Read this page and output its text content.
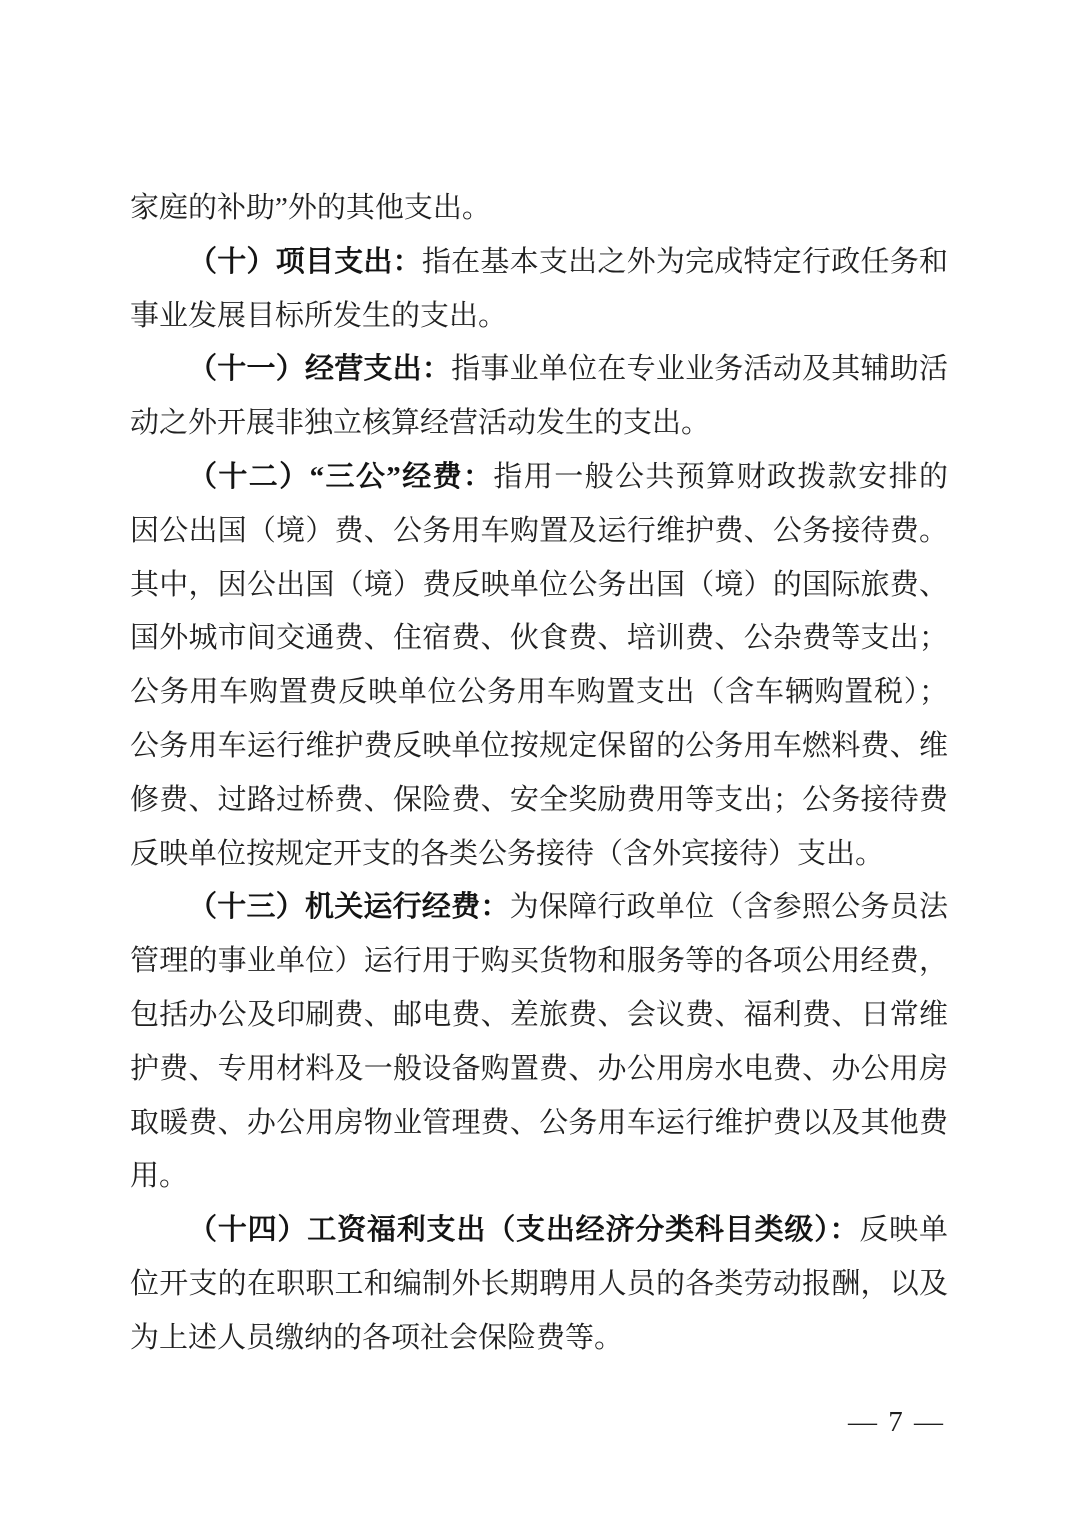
家庭的补助”外的其他支出。
（十）项目支出：指在基本支出之外为完成特定行政任务和
事业发展目标所发生的支出。
（十一）经营支出：指事业单位在专业业务活动及其辅助活
动之外开展非独立核算经营活动发生的支出。
（十二）“三公”经费：指用一般公共预算财政拨款安排的
因公出国（境）费、公务用车购置及运行维护费、公务接待费。
其中，因公出国（境）费反映单位公务出国（境）的国际旅费、
国外城市间交通费、住宿费、伙食费、培训费、公杂费等支出；
公务用车购置费反映单位公务用车购置支出（含车辆购置税）；
公务用车运行维护费反映单位按规定保留的公务用车燃料费、维
修费、过路过桥费、保险费、安全奖励费用等支出；公务接待费
反映单位按规定开支的各类公务接待（含外宾接待）支出。
（十三）机关运行经费：为保障行政单位（含参照公务员法
管理的事业单位）运行用于购买货物和服务等的各项公用经费，
包括办公及印刷费、邮电费、差旅费、会议费、福利费、日常维
护费、专用材料及一般设备购置费、办公用房水电费、办公用房
取暖费、办公用房物业管理费、公务用车运行维护费以及其他费
用。
（十四）工资福利支出（支出经济分类科目类级）：反映单
位开支的在职职工和编制外长期聘用人员的各类劳动报酬，以及
为上述人员缴纳的各项社会保险费等。
— 7 —
